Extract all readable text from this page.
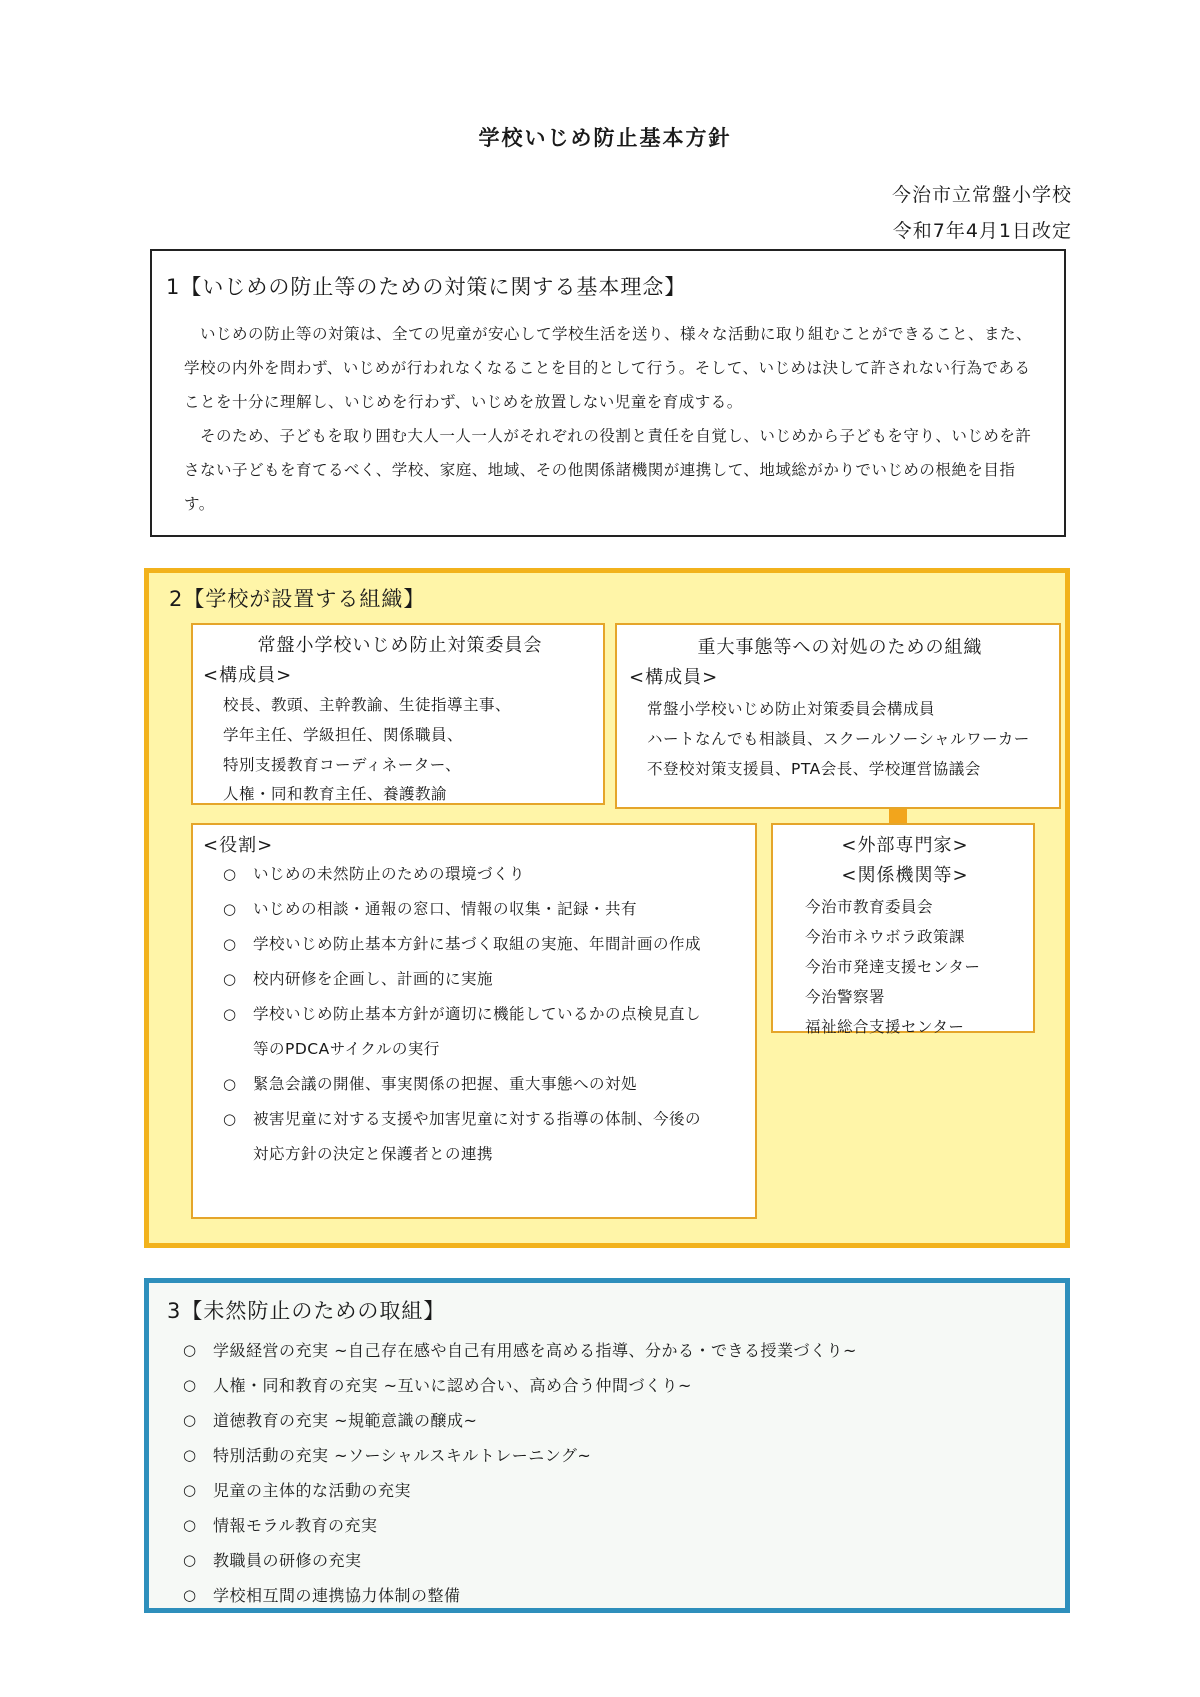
学校いじめ防止基本方針
今治市立常盤小学校
令和7年4月1日改定
1【いじめの防止等のための対策に関する基本理念】

いじめの防止等の対策は、全ての児童が安心して学校生活を送り、様々な活動に取り組むことができること、また、学校の内外を問わず、いじめが行われなくなることを目的として行う。そして、いじめは決して許されない行為であることを十分に理解し、いじめを行わず、いじめを放置しない児童を育成する。

そのため、子どもを取り囲む大人一人一人がそれぞれの役割と責任を自覚し、いじめから子どもを守り、いじめを許さない子どもを育てるべく、学校、家庭、地域、その他関係諸機関が連携して、地域総がかりでいじめの根絶を目指す。

2【学校が設置する組織】
常盤小学校いじめ防止対策委員会
<構成員>
校長、教頭、主幹教諭、生徒指導主事、
学年主任、学級担任、関係職員、
特別支援教育コーディネーター、
人権・同和教育主任、養護教諭
重大事態等への対処のための組織
<構成員>
常盤小学校いじめ防止対策委員会構成員
ハートなんでも相談員、スクールソーシャルワーカー
不登校対策支援員、PTA会長、学校運営協議会
<役割>
○	いじめの未然防止のための環境づくり
○	いじめの相談・通報の窓口、情報の収集・記録・共有
○	学校いじめ防止基本方針に基づく取組の実施、年間計画の作成
○	校内研修を企画し、計画的に実施
○	学校いじめ防止基本方針が適切に機能しているかの点検見直し等のPDCAサイクルの実行
○	緊急会議の開催、事実関係の把握、重大事態への対処
○	被害児童に対する支援や加害児童に対する指導の体制、今後の対応方針の決定と保護者との連携
<外部専門家>
<関係機関等>
今治市教育委員会
今治市ネウボラ政策課
今治市発達支援センター
今治警察署
福祉総合支援センター
3【未然防止のための取組】
○	学級経営の充実 ~自己存在感や自己有用感を高める指導、分かる・できる授業づくり~
○	人権・同和教育の充実 ~互いに認め合い、高め合う仲間づくり~
○	道徳教育の充実 ~規範意識の醸成~
○	特別活動の充実 ~ソーシャルスキルトレーニング~
○	児童の主体的な活動の充実
○	情報モラル教育の充実
○	教職員の研修の充実
○	学校相互間の連携協力体制の整備
